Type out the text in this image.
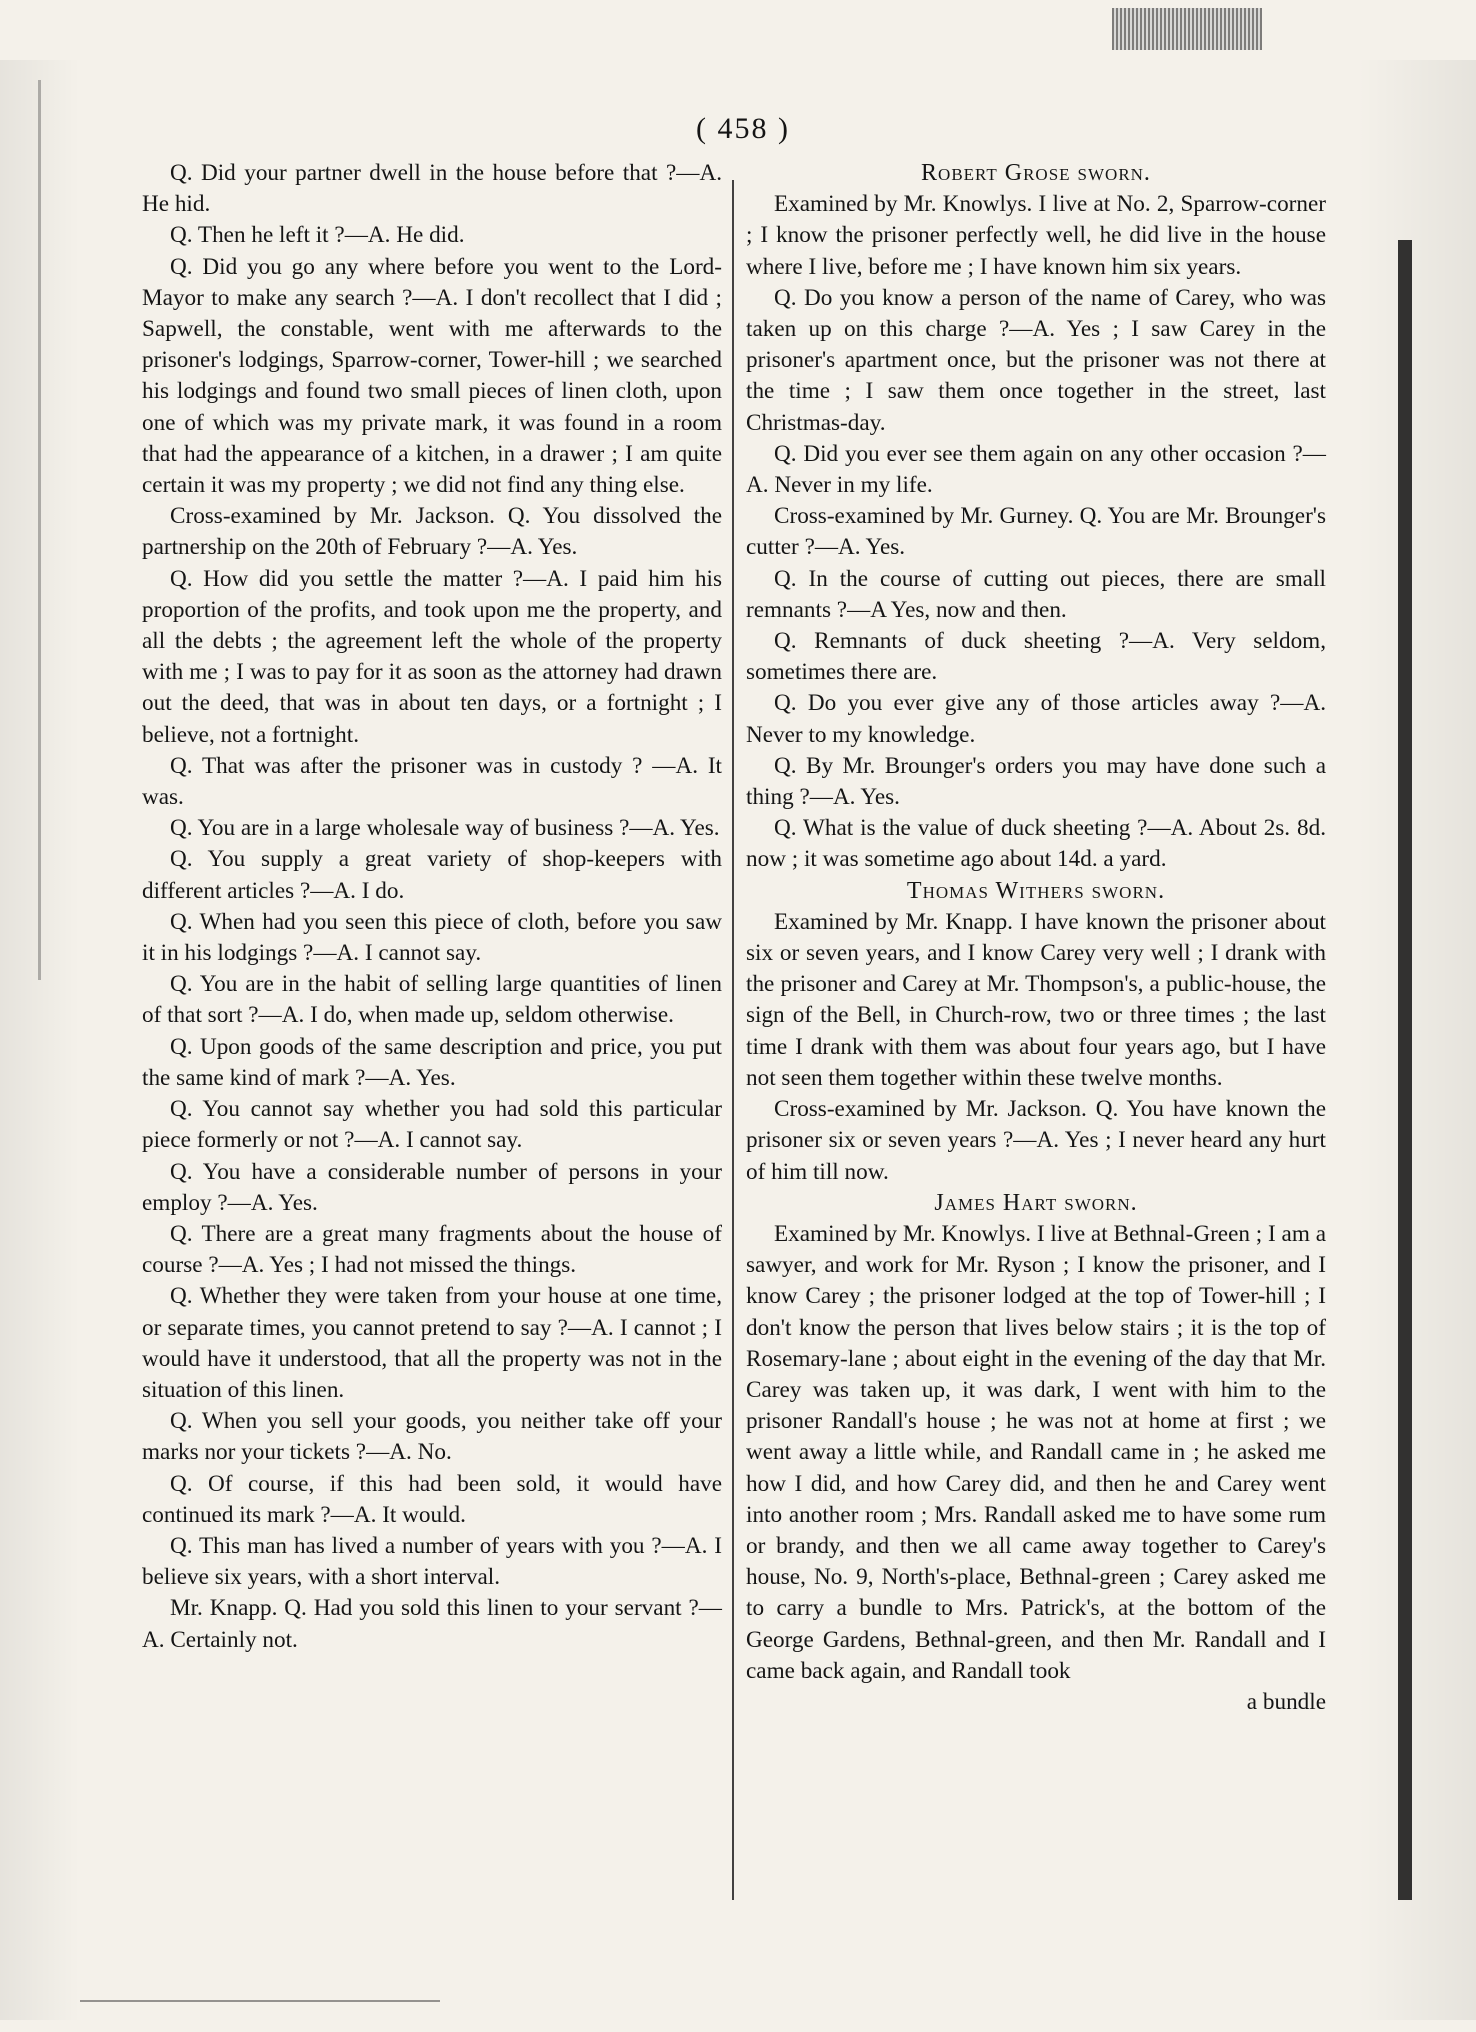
( 458 )

Q. Did your partner dwell in the house before that ?—A. He hid.

Q. Then he left it ?—A. He did.

Q. Did you go any where before you went to the Lord-Mayor to make any search ?—A. I don't recollect that I did ; Sapwell, the constable, went with me afterwards to the prisoner's lodgings, Sparrow-corner, Tower-hill ; we searched his lodgings and found two small pieces of linen cloth, upon one of which was my private mark, it was found in a room that had the appearance of a kitchen, in a drawer ; I am quite certain it was my property ; we did not find any thing else.

Cross-examined by Mr. Jackson. Q. You dissolved the partnership on the 20th of February ?—A. Yes.

Q. How did you settle the matter ?—A. I paid him his proportion of the profits, and took upon me the property, and all the debts ; the agreement left the whole of the property with me ; I was to pay for it as soon as the attorney had drawn out the deed, that was in about ten days, or a fortnight ; I believe, not a fortnight.

Q. That was after the prisoner was in custody ? —A. It was.

Q. You are in a large wholesale way of business ?—A. Yes.

Q. You supply a great variety of shop-keepers with different articles ?—A. I do.

Q. When had you seen this piece of cloth, before you saw it in his lodgings ?—A. I cannot say.

Q. You are in the habit of selling large quantities of linen of that sort ?—A. I do, when made up, seldom otherwise.

Q. Upon goods of the same description and price, you put the same kind of mark ?—A. Yes.

Q. You cannot say whether you had sold this particular piece formerly or not ?—A. I cannot say.

Q. You have a considerable number of persons in your employ ?—A. Yes.

Q. There are a great many fragments about the house of course ?—A. Yes ; I had not missed the things.

Q. Whether they were taken from your house at one time, or separate times, you cannot pretend to say ?—A. I cannot ; I would have it understood, that all the property was not in the situation of this linen.

Q. When you sell your goods, you neither take off your marks nor your tickets ?—A. No.

Q. Of course, if this had been sold, it would have continued its mark ?—A. It would.

Q. This man has lived a number of years with you ?—A. I believe six years, with a short interval.

Mr. Knapp. Q. Had you sold this linen to your servant ?—A. Certainly not.

Robert Grose sworn.

Examined by Mr. Knowlys. I live at No. 2, Sparrow-corner ; I know the prisoner perfectly well, he did live in the house where I live, before me ; I have known him six years.

Q. Do you know a person of the name of Carey, who was taken up on this charge ?—A. Yes ; I saw Carey in the prisoner's apartment once, but the prisoner was not there at the time ; I saw them once together in the street, last Christmas-day.

Q. Did you ever see them again on any other occasion ?—A. Never in my life.

Cross-examined by Mr. Gurney. Q. You are Mr. Brounger's cutter ?—A. Yes.

Q. In the course of cutting out pieces, there are small remnants ?—A Yes, now and then.

Q. Remnants of duck sheeting ?—A. Very seldom, sometimes there are.

Q. Do you ever give any of those articles away ?—A. Never to my knowledge.

Q. By Mr. Brounger's orders you may have done such a thing ?—A. Yes.

Q. What is the value of duck sheeting ?—A. About 2s. 8d. now ; it was sometime ago about 14d. a yard.

Thomas Withers sworn.

Examined by Mr. Knapp. I have known the prisoner about six or seven years, and I know Carey very well ; I drank with the prisoner and Carey at Mr. Thompson's, a public-house, the sign of the Bell, in Church-row, two or three times ; the last time I drank with them was about four years ago, but I have not seen them together within these twelve months.

Cross-examined by Mr. Jackson. Q. You have known the prisoner six or seven years ?—A. Yes ; I never heard any hurt of him till now.

James Hart sworn.

Examined by Mr. Knowlys. I live at Bethnal-Green ; I am a sawyer, and work for Mr. Ryson ; I know the prisoner, and I know Carey ; the prisoner lodged at the top of Tower-hill ; I don't know the person that lives below stairs ; it is the top of Rosemary-lane ; about eight in the evening of the day that Mr. Carey was taken up, it was dark, I went with him to the prisoner Randall's house ; he was not at home at first ; we went away a little while, and Randall came in ; he asked me how I did, and how Carey did, and then he and Carey went into another room ; Mrs. Randall asked me to have some rum or brandy, and then we all came away together to Carey's house, No. 9, North's-place, Bethnal-green ; Carey asked me to carry a bundle to Mrs. Patrick's, at the bottom of the George Gardens, Bethnal-green, and then Mr. Randall and I came back again, and Randall took

a bundle
